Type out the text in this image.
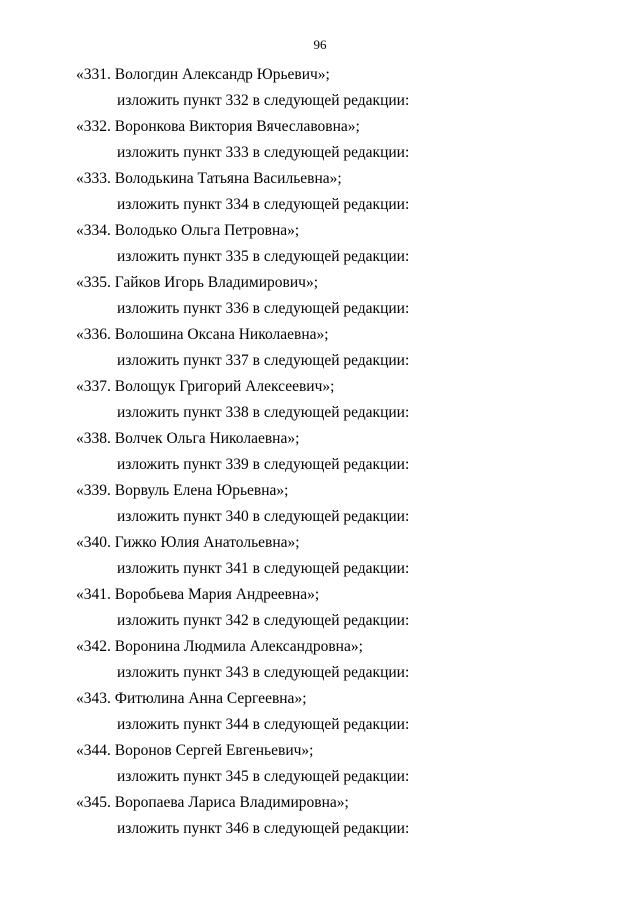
96
«331. Вологдин Александр Юрьевич»;
изложить пункт 332 в следующей редакции:
«332. Воронкова Виктория Вячеславовна»;
изложить пункт 333 в следующей редакции:
«333. Володькина Татьяна Васильевна»;
изложить пункт 334 в следующей редакции:
«334. Володько Ольга Петровна»;
изложить пункт 335 в следующей редакции:
«335. Гайков Игорь Владимирович»;
изложить пункт 336 в следующей редакции:
«336. Волошина Оксана Николаевна»;
изложить пункт 337 в следующей редакции:
«337. Волощук Григорий Алексеевич»;
изложить пункт 338 в следующей редакции:
«338. Волчек Ольга Николаевна»;
изложить пункт 339 в следующей редакции:
«339. Ворвуль Елена Юрьевна»;
изложить пункт 340 в следующей редакции:
«340. Гижко Юлия Анатольевна»;
изложить пункт 341 в следующей редакции:
«341. Воробьева Мария Андреевна»;
изложить пункт 342 в следующей редакции:
«342. Воронина Людмила Александровна»;
изложить пункт 343 в следующей редакции:
«343. Фитюлина Анна Сергеевна»;
изложить пункт 344 в следующей редакции:
«344. Воронов Сергей Евгеньевич»;
изложить пункт 345 в следующей редакции:
«345. Воропаева Лариса Владимировна»;
изложить пункт 346 в следующей редакции:
